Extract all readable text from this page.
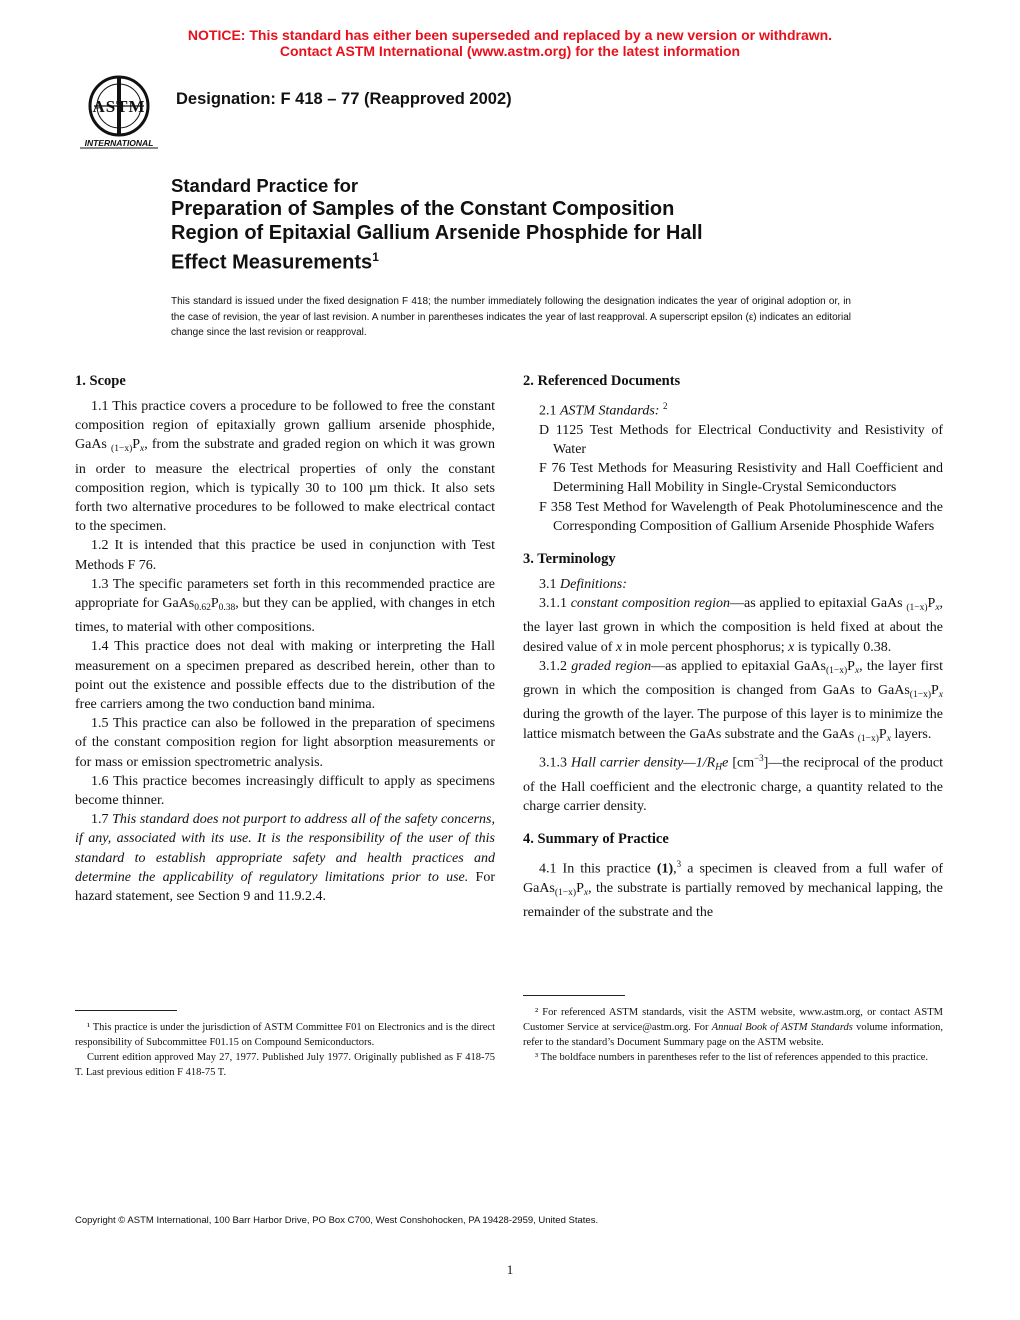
NOTICE: This standard has either been superseded and replaced by a new version or withdrawn.
Contact ASTM International (www.astm.org) for the latest information
ASTM
INTERNATIONAL
Designation: F 418 – 77 (Reapproved 2002)
Standard Practice for
Preparation of Samples of the Constant Composition
Region of Epitaxial Gallium Arsenide Phosphide for Hall
Effect Measurements$^1$
This standard is issued under the fixed designation F 418; the number immediately following the designation indicates the year of original adoption or, in the case of revision, the year of last revision. A number in parentheses indicates the year of last reapproval. A superscript epsilon (ε) indicates an editorial change since the last revision or reapproval.
1. Scope

1.1 This practice covers a procedure to be followed to free the constant composition region of epitaxially grown gallium arsenide phosphide, GaAs $_{(1-x)}P_x$, from the substrate and graded region on which it was grown in order to measure the electrical properties of only the constant composition region, which is typically 30 to 100 µm thick. It also sets forth two alternative procedures to be followed to make electrical contact to the specimen.

1.2 It is intended that this practice be used in conjunction with Test Methods F 76.

1.3 The specific parameters set forth in this recommended practice are appropriate for $GaAs_{0.62}P_{0.38}$, but they can be applied, with changes in etch times, to material with other compositions.

1.4 This practice does not deal with making or interpreting the Hall measurement on a specimen prepared as described herein, other than to point out the existence and possible effects due to the distribution of the free carriers among the two conduction band minima.

1.5 This practice can also be followed in the preparation of specimens of the constant composition region for light absorption measurements or for mass or emission spectrometric analysis.

1.6 This practice becomes increasingly difficult to apply as specimens become thinner.

1.7 This standard does not purport to address all of the safety concerns, if any, associated with its use. It is the responsibility of the user of this standard to establish appropriate safety and health practices and determine the applicability of regulatory limitations prior to use. For hazard statement, see Section 9 and 11.9.2.4.

¹ This practice is under the jurisdiction of ASTM Committee F01 on Electronics and is the direct responsibility of Subcommittee F01.15 on Compound Semiconductors.

Current edition approved May 27, 1977. Published July 1977. Originally published as F 418-75 T. Last previous edition F 418-75 T.

2. Referenced Documents

2.1 ASTM Standards: $^2$

D 1125 Test Methods for Electrical Conductivity and Resistivity of Water

F 76 Test Methods for Measuring Resistivity and Hall Coefficient and Determining Hall Mobility in Single-Crystal Semiconductors

F 358 Test Method for Wavelength of Peak Photoluminescence and the Corresponding Composition of Gallium Arsenide Phosphide Wafers

3. Terminology

3.1 Definitions:

3.1.1 constant composition region—as applied to epitaxial GaAs $_{(1-x)}P_x$, the layer last grown in which the composition is held fixed at about the desired value of x in mole percent phosphorus; x is typically 0.38.

3.1.2 graded region—as applied to epitaxial $GaAs_{(1-x)}P_x$, the layer first grown in which the composition is changed from GaAs to $GaAs_{(1-x)}P_x$ during the growth of the layer. The purpose of this layer is to minimize the lattice mismatch between the GaAs substrate and the GaAs $_{(1-x)}P_x$ layers.

3.1.3 Hall carrier $density—1/R_He$ $[cm^{-3}]—the$ reciprocal of the product of the Hall coefficient and the electronic charge, a quantity related to the charge carrier density.

4. Summary of Practice

4.1 In this practice (1),$^3$ a specimen is cleaved from a full wafer of $GaAs_{(1-x)}P_x$, the substrate is partially removed by mechanical lapping, the remainder of the substrate and the

² For referenced ASTM standards, visit the ASTM website, www.astm.org, or contact ASTM Customer Service at service@astm.org. For Annual Book of ASTM Standards volume information, refer to the standard’s Document Summary page on the ASTM website.

³ The boldface numbers in parentheses refer to the list of references appended to this practice.

Copyright © ASTM International, 100 Barr Harbor Drive, PO Box C700, West Conshohocken, PA 19428-2959, United States.
1
